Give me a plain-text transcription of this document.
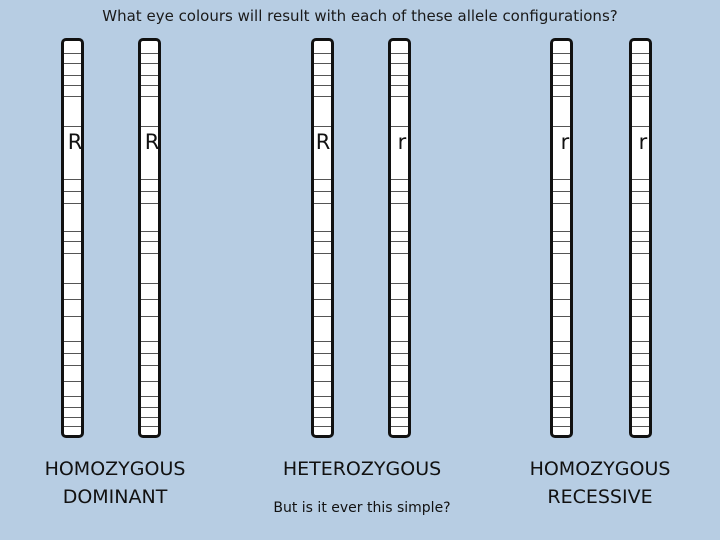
What eye colours will result with each of these allele configurations?
R	R
HOMOZYGOUS
DOMINANT
R	r
HETEROZYGOUS
But is it ever this simple?
r	r
HOMOZYGOUS
RECESSIVE
